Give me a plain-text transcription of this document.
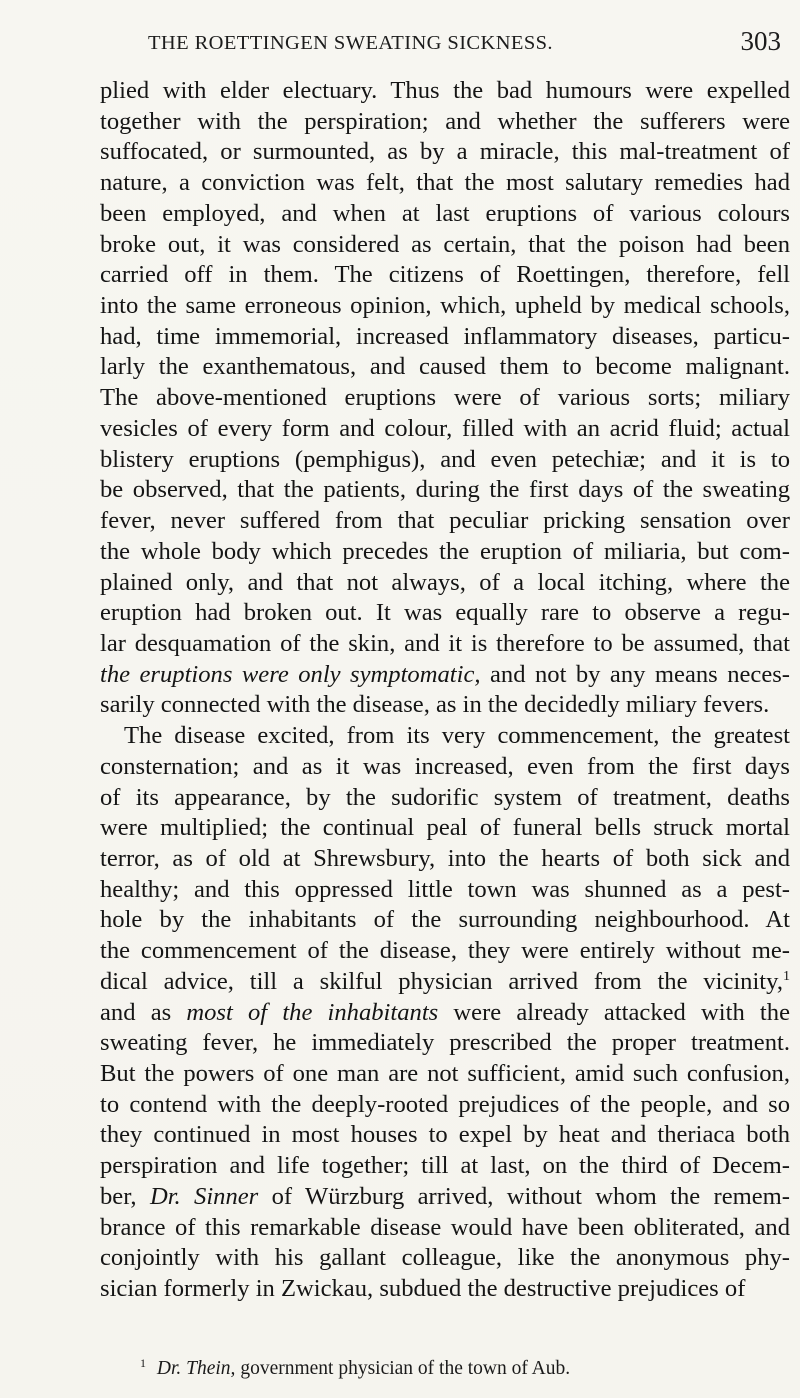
THE ROETTINGEN SWEATING SICKNESS.	303
plied with elder electuary. Thus the bad humours were expelled
together with the perspiration; and whether the sufferers were
suffocated, or surmounted, as by a miracle, this mal-treatment of
nature, a conviction was felt, that the most salutary remedies had
been employed, and when at last eruptions of various colours
broke out, it was considered as certain, that the poison had been
carried off in them. The citizens of Roettingen, therefore, fell
into the same erroneous opinion, which, upheld by medical schools,
had, time immemorial, increased inflammatory diseases, particu-
larly the exanthematous, and caused them to become malignant.
The above-mentioned eruptions were of various sorts; miliary
vesicles of every form and colour, filled with an acrid fluid; actual
blistery eruptions (pemphigus), and even petechiæ; and it is to
be observed, that the patients, during the first days of the sweating
fever, never suffered from that peculiar pricking sensation over
the whole body which precedes the eruption of miliaria, but com-
plained only, and that not always, of a local itching, where the
eruption had broken out. It was equally rare to observe a regu-
lar desquamation of the skin, and it is therefore to be assumed, that
the eruptions were only symptomatic, and not by any means neces-
sarily connected with the disease, as in the decidedly miliary fevers.
The disease excited, from its very commencement, the greatest
consternation; and as it was increased, even from the first days
of its appearance, by the sudorific system of treatment, deaths
were multiplied; the continual peal of funeral bells struck mortal
terror, as of old at Shrewsbury, into the hearts of both sick and
healthy; and this oppressed little town was shunned as a pest-
hole by the inhabitants of the surrounding neighbourhood. At
the commencement of the disease, they were entirely without me-
dical advice, till a skilful physician arrived from the vicinity,$^1$
and as most of the inhabitants were already attacked with the
sweating fever, he immediately prescribed the proper treatment.
But the powers of one man are not sufficient, amid such confusion,
to contend with the deeply-rooted prejudices of the people, and so
they continued in most houses to expel by heat and theriaca both
perspiration and life together; till at last, on the third of Decem-
ber, Dr. Sinner of Würzburg arrived, without whom the remem-
brance of this remarkable disease would have been obliterated, and
conjointly with his gallant colleague, like the anonymous phy-
sician formerly in Zwickau, subdued the destructive prejudices of
$^1$ Dr. Thein, government physician of the town of Aub.
